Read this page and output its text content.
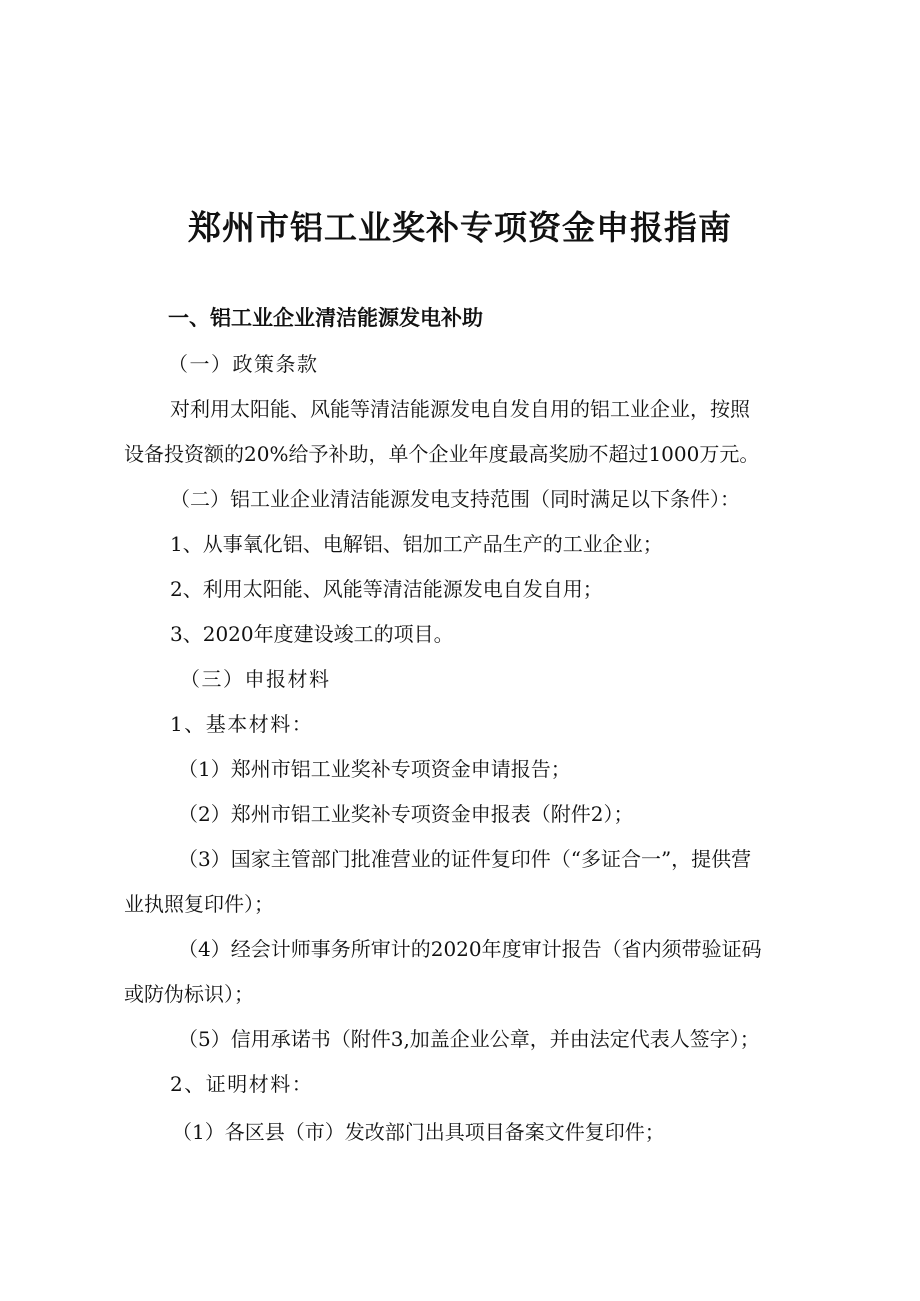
郑州市铝工业奖补专项资金申报指南
一、铝工业企业清洁能源发电补助
（一）政策条款
对利用太阳能、风能等清洁能源发电自发自用的铝工业企业，按照
设备投资额的20%给予补助，单个企业年度最高奖励不超过1000万元。
（二）铝工业企业清洁能源发电支持范围（同时满足以下条件）：
1、从事氧化铝、电解铝、铝加工产品生产的工业企业；
2、利用太阳能、风能等清洁能源发电自发自用；
3、2020年度建设竣工的项目。
（三）申报材料
1、基本材料：
（1）郑州市铝工业奖补专项资金申请报告；
（2）郑州市铝工业奖补专项资金申报表（附件2）；
（3）国家主管部门批准营业的证件复印件（“多证合一”，提供营
业执照复印件）；
（4）经会计师事务所审计的2020年度审计报告（省内须带验证码
或防伪标识）；
（5）信用承诺书（附件3,加盖企业公章，并由法定代表人签字）；
2、证明材料：
（1）各区县（市）发改部门出具项目备案文件复印件；
